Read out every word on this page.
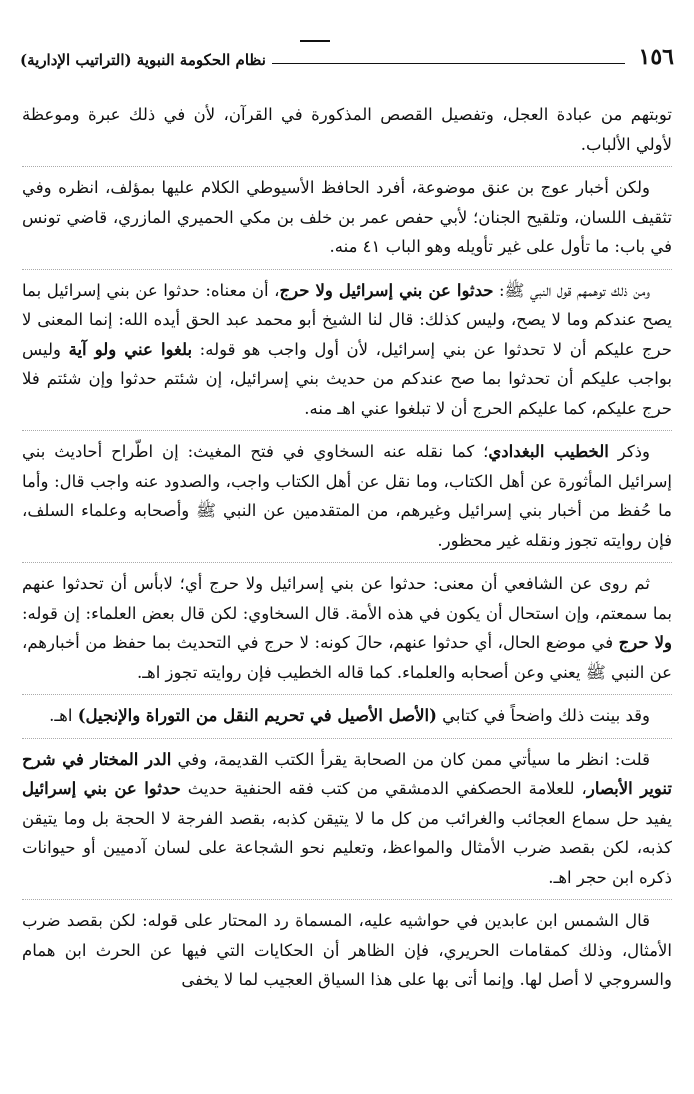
١٥٦
نظام الحكومة النبوية (التراتيب الإدارية)

توبتهم من عبادة العجل، وتفصيل القصص المذكورة في القرآن، لأن في ذلك عبرة وموعظة لأولي الألباب.

ولكن أخبار عوج بن عنق موضوعة، أفرد الحافظ الأسيوطي الكلام عليها بمؤلف، انظره وفي تثقيف اللسان، وتلقيح الجنان؛ لأبي حفص عمر بن خلف بن مكي الحميري المازري، قاضي تونس في باب: ما تأول على غير تأويله وهو الباب ٤١ منه.

ومن ذلك توهمهم قول النبي ﷺ: حدثوا عن بني إسرائيل ولا حرج، أن معناه: حدثوا عن بني إسرائيل بما يصح عندكم وما لا يصح، وليس كذلك: قال لنا الشيخ أبو محمد عبد الحق أيده الله: إنما المعنى لا حرج عليكم أن لا تحدثوا عن بني إسرائيل، لأن أول واجب هو قوله: بلغوا عني ولو آية وليس بواجب عليكم أن تحدثوا بما صح عندكم من حديث بني إسرائيل، إن شئتم حدثوا وإن شئتم فلا حرج عليكم، كما عليكم الحرج أن لا تبلغوا عني اهـ منه.

وذكر الخطيب البغدادي؛ كما نقله عنه السخاوي في فتح المغيث: إن اطّراح أحاديث بني إسرائيل المأثورة عن أهل الكتاب، وما نقل عن أهل الكتاب واجب، والصدود عنه واجب قال: وأما ما حُفظ من أخبار بني إسرائيل وغيرهم، من المتقدمين عن النبي ﷺ وأصحابه وعلماء السلف، فإن روايته تجوز ونقله غير محظور.

ثم روى عن الشافعي أن معنى: حدثوا عن بني إسرائيل ولا حرج أي؛ لابأس أن تحدثوا عنهم بما سمعتم، وإن استحال أن يكون في هذه الأمة. قال السخاوي: لكن قال بعض العلماء: إن قوله: ولا حرج في موضع الحال، أي حدثوا عنهم، حالَ كونه: لا حرج في التحديث بما حفظ من أخبارهم، عن النبي ﷺ يعني وعن أصحابه والعلماء. كما قاله الخطيب فإن روايته تجوز اهـ.

وقد بينت ذلك واضحاً في كتابي (الأصل الأصيل في تحريم النقل من التوراة والإنجيل) اهـ.

قلت: انظر ما سيأتي ممن كان من الصحابة يقرأ الكتب القديمة، وفي الدر المختار في شرح تنوير الأبصار، للعلامة الحصكفي الدمشقي من كتب فقه الحنفية حديث حدثوا عن بني إسرائيل يفيد حل سماع العجائب والغرائب من كل ما لا يتيقن كذبه، بقصد الفرجة لا الحجة بل وما يتيقن كذبه، لكن بقصد ضرب الأمثال والمواعظ، وتعليم نحو الشجاعة على لسان آدميين أو حيوانات ذكره ابن حجر اهـ.

قال الشمس ابن عابدين في حواشيه عليه، المسماة رد المحتار على قوله: لكن بقصد ضرب الأمثال، وذلك كمقامات الحريري، فإن الظاهر أن الحكايات التي فيها عن الحرث ابن همام والسروجي لا أصل لها. وإنما أتى بها على هذا السياق العجيب لما لا يخفى
